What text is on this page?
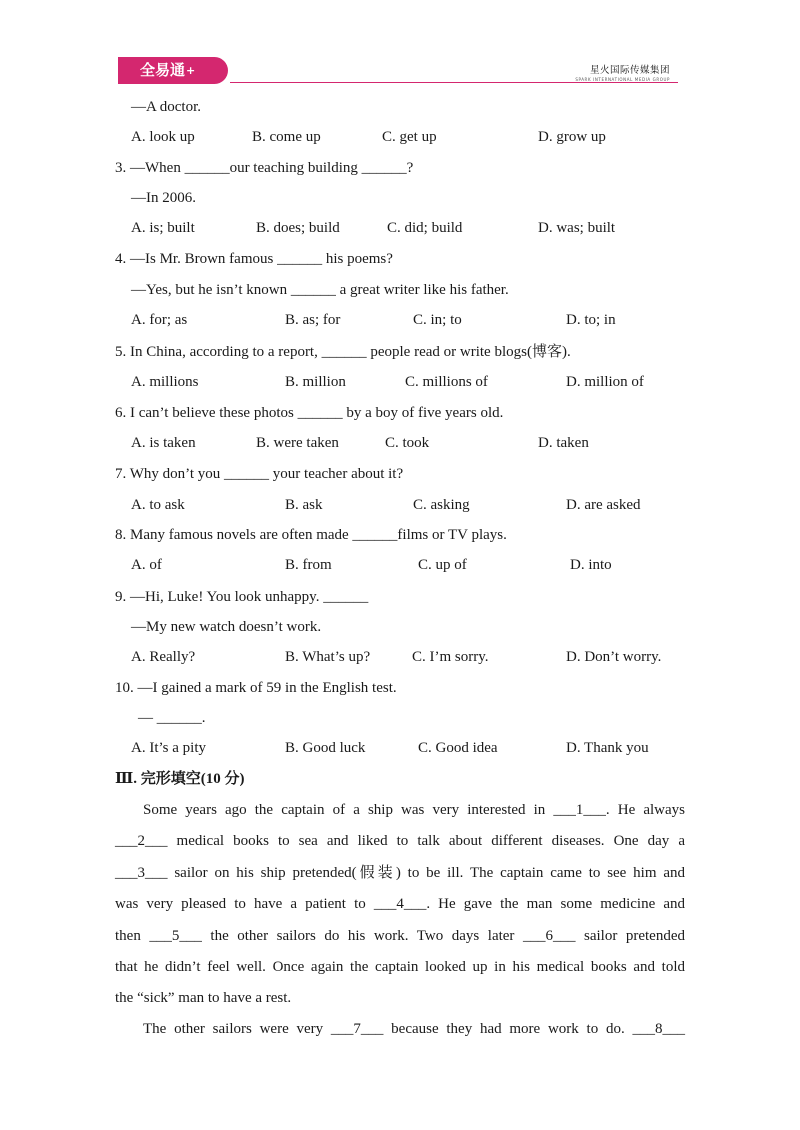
全易通+	星火国际传媒集团
SPARK INTERNATIONAL MEDIA GROUP
—A doctor.
A. look up	B. come up	C. get up	D. grow up
3. —When ______our teaching building ______?
—In 2006.
A. is; built	B. does; build	C. did; build	D. was; built
4. —Is Mr. Brown famous ______ his poems?
—Yes, but he isn’t known ______ a great writer like his father.
A. for; as	B. as; for	C. in; to	D. to; in
5. In China, according to a report, ______ people read or write blogs(博客).
A. millions	B. million	C. millions of	D. million of
6. I can’t believe these photos ______ by a boy of five years old.
A. is taken	B. were taken	C. took	D. taken
7. Why don’t you ______ your teacher about it?
A. to ask	B. ask	C. asking	D. are asked
8. Many famous novels are often made ______films or TV plays.
A. of	B. from	C. up of	D. into
9. —Hi, Luke! You look unhappy. ______
—My new watch doesn’t work.
A. Really?	B. What’s up?	C. I’m sorry.	D. Don’t worry.
10. —I gained a mark of 59 in the English test.
— ______.
A. It’s a pity	B. Good luck	C. Good idea	D. Thank you
Ⅲ. 完形填空(10 分)
Some years ago the captain of a ship was very interested in ___1___. He always
___2___ medical books to sea and liked to talk about different diseases. One day a
___3___ sailor on his ship pretended(假装) to be ill. The captain came to see him and
was very pleased to have a patient to ___4___. He gave the man some medicine and
then ___5___ the other sailors do his work. Two days later ___6___ sailor pretended
that he didn’t feel well. Once again the captain looked up in his medical books and told
the “sick” man to have a rest.
The other sailors were very ___7___ because they had more work to do. ___8___
